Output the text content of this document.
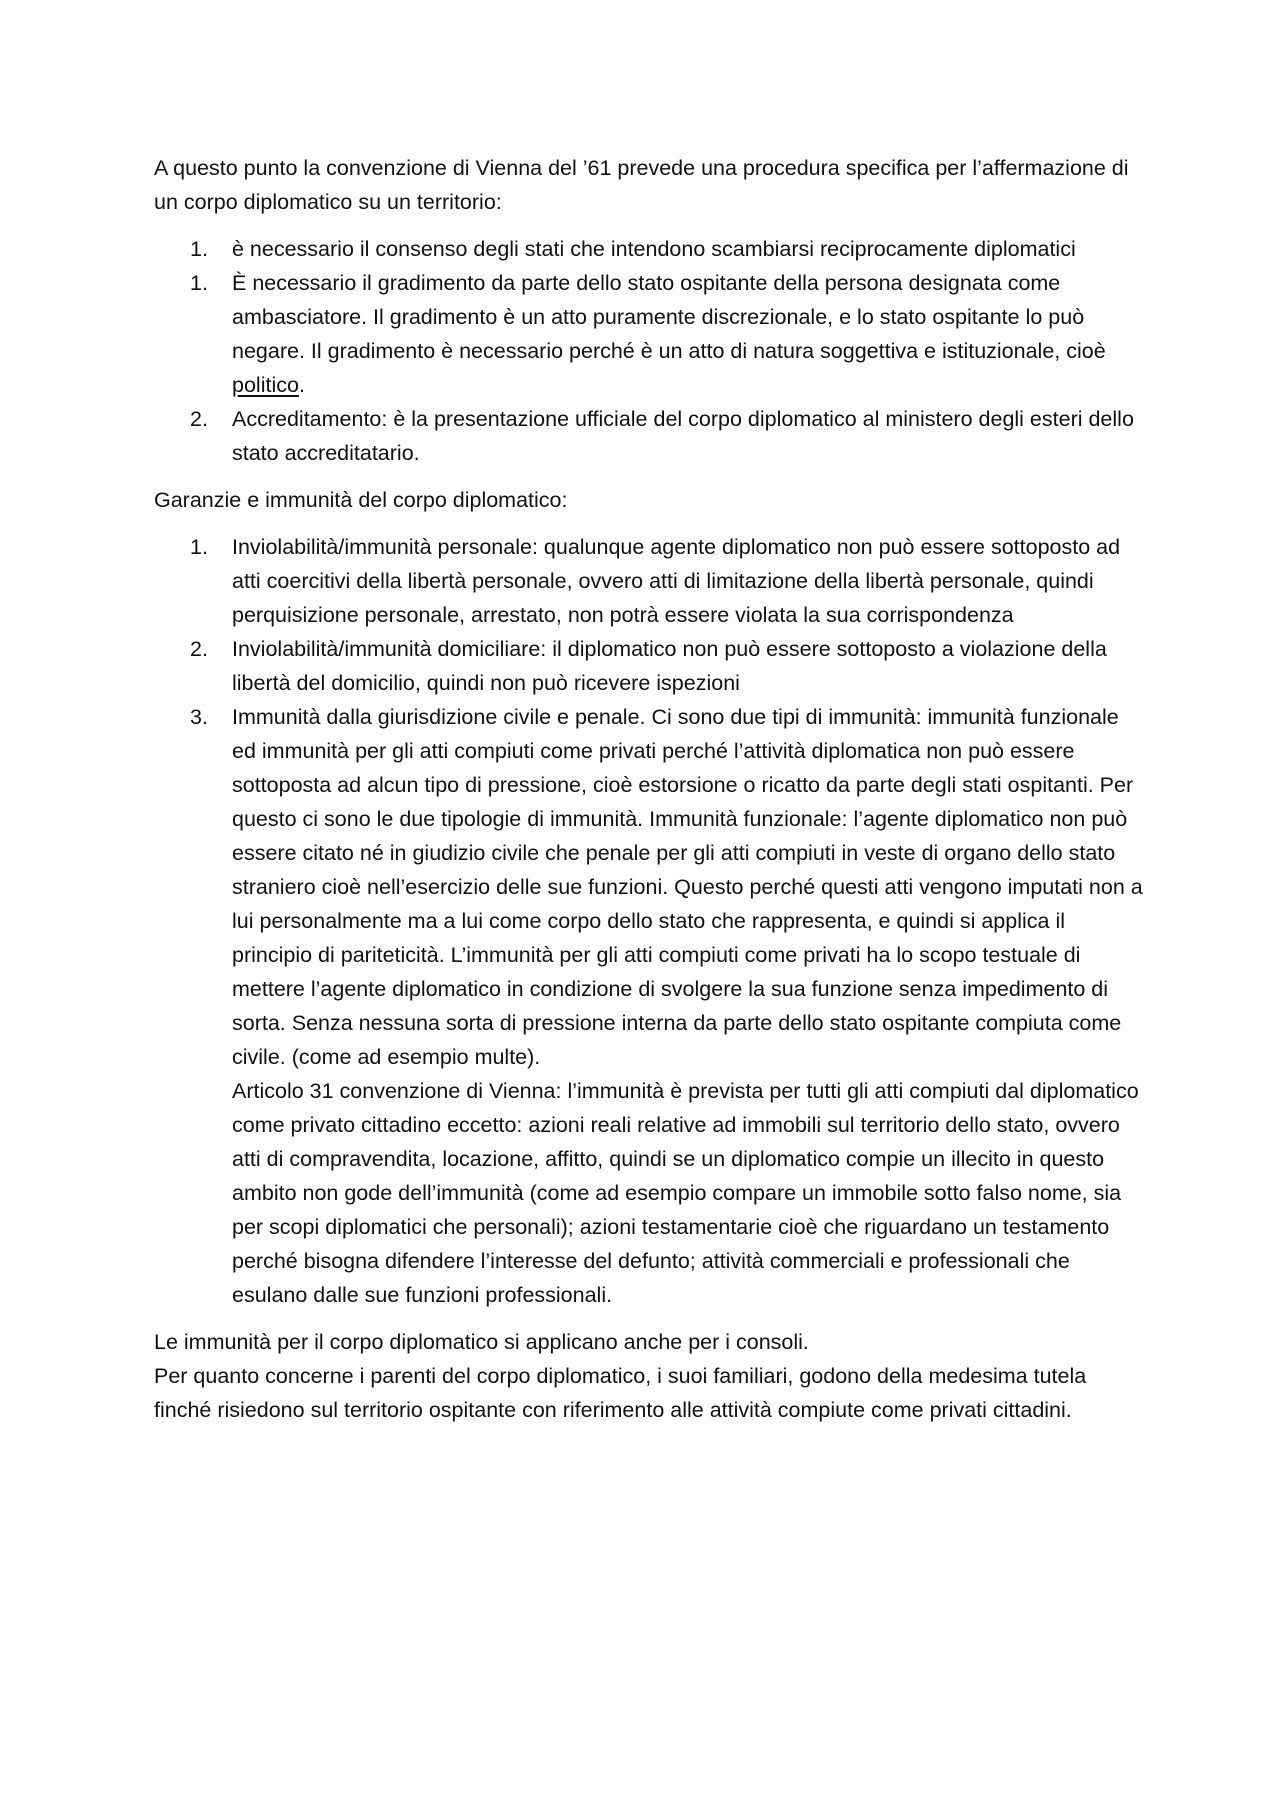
A questo punto la convenzione di Vienna del ’61 prevede una procedura specifica per l’affermazione di un corpo diplomatico su un territorio:

1.	è necessario il consenso degli stati che intendono scambiarsi reciprocamente diplomatici
1.	È necessario il gradimento da parte dello stato ospitante della persona designata come ambasciatore. Il gradimento è un atto puramente discrezionale, e lo stato ospitante lo può negare. Il gradimento è necessario perché è un atto di natura soggettiva e istituzionale, cioè politico.
2.	Accreditamento: è la presentazione ufficiale del corpo diplomatico al ministero degli esteri dello stato accreditatario.

Garanzie e immunità del corpo diplomatico:

1.	Inviolabilità/immunità personale: qualunque agente diplomatico non può essere sottoposto ad atti coercitivi della libertà personale, ovvero atti di limitazione della libertà personale, quindi perquisizione personale, arrestato, non potrà essere violata la sua corrispondenza
2.	Inviolabilità/immunità domiciliare: il diplomatico non può essere sottoposto a violazione della libertà del domicilio, quindi non può ricevere ispezioni
3.	Immunità dalla giurisdizione civile e penale. Ci sono due tipi di immunità: immunità funzionale ed immunità per gli atti compiuti come privati perché l’attività diplomatica non può essere sottoposta ad alcun tipo di pressione, cioè estorsione o ricatto da parte degli stati ospitanti. Per questo ci sono le due tipologie di immunità. Immunità funzionale: l’agente diplomatico non può essere citato né in giudizio civile che penale per gli atti compiuti in veste di organo dello stato straniero cioè nell’esercizio delle sue funzioni. Questo perché questi atti vengono imputati non a lui personalmente ma a lui come corpo dello stato che rappresenta, e quindi si applica il principio di pariteticità. L’immunità per gli atti compiuti come privati ha lo scopo testuale di mettere l’agente diplomatico in condizione di svolgere la sua funzione senza impedimento di sorta. Senza nessuna sorta di pressione interna da parte dello stato ospitante compiuta come civile. (come ad esempio multe).
Articolo 31 convenzione di Vienna: l’immunità è prevista per tutti gli atti compiuti dal diplomatico come privato cittadino eccetto: azioni reali relative ad immobili sul territorio dello stato, ovvero atti di compravendita, locazione, affitto, quindi se un diplomatico compie un illecito in questo ambito non gode dell’immunità (come ad esempio compare un immobile sotto falso nome, sia per scopi diplomatici che personali); azioni testamentarie cioè che riguardano un testamento perché bisogna difendere l’interesse del defunto; attività commerciali e professionali che esulano dalle sue funzioni professionali.

Le immunità per il corpo diplomatico si applicano anche per i consoli.

Per quanto concerne i parenti del corpo diplomatico, i suoi familiari, godono della medesima tutela finché risiedono sul territorio ospitante con riferimento alle attività compiute come privati cittadini.
